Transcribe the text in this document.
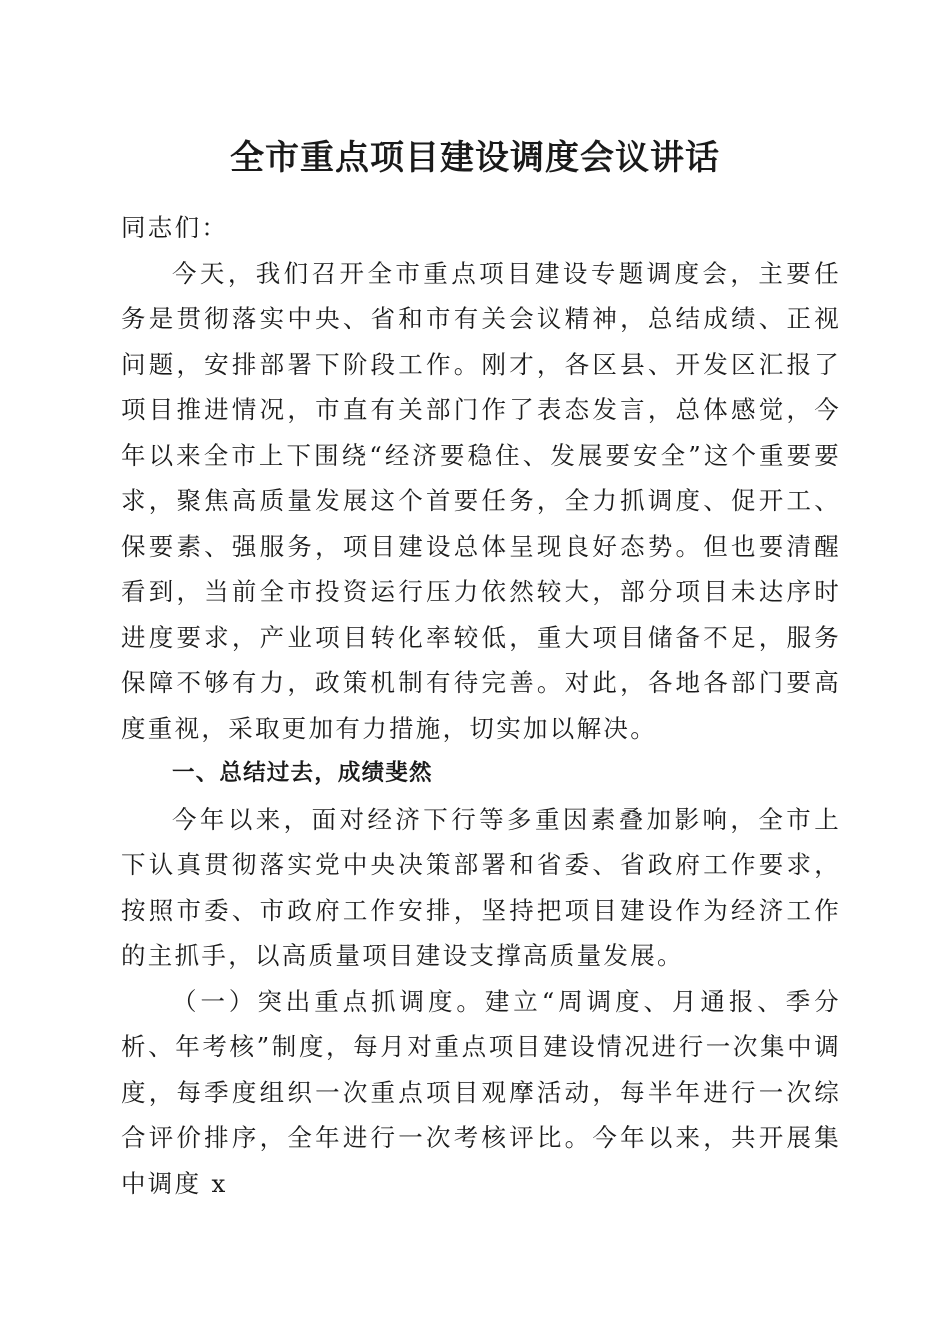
全市重点项目建设调度会议讲话

同志们：

今天，我们召开全市重点项目建设专题调度会，主要任务是贯彻落实中央、省和市有关会议精神，总结成绩、正视问题，安排部署下阶段工作。刚才，各区县、开发区汇报了项目推进情况，市直有关部门作了表态发言，总体感觉，今年以来全市上下围绕“经济要稳住、发展要安全”这个重要要求，聚焦高质量发展这个首要任务，全力抓调度、促开工、保要素、强服务，项目建设总体呈现良好态势。但也要清醒看到，当前全市投资运行压力依然较大，部分项目未达序时进度要求，产业项目转化率较低，重大项目储备不足，服务保障不够有力，政策机制有待完善。对此，各地各部门要高度重视，采取更加有力措施，切实加以解决。

一、总结过去，成绩斐然

今年以来，面对经济下行等多重因素叠加影响，全市上下认真贯彻落实党中央决策部署和省委、省政府工作要求，按照市委、市政府工作安排，坚持把项目建设作为经济工作的主抓手，以高质量项目建设支撑高质量发展。

（一）突出重点抓调度。建立“周调度、月通报、季分析、年考核”制度，每月对重点项目建设情况进行一次集中调度，每季度组织一次重点项目观摩活动，每半年进行一次综合评价排序，全年进行一次考核评比。今年以来，共开展集中调度 x
